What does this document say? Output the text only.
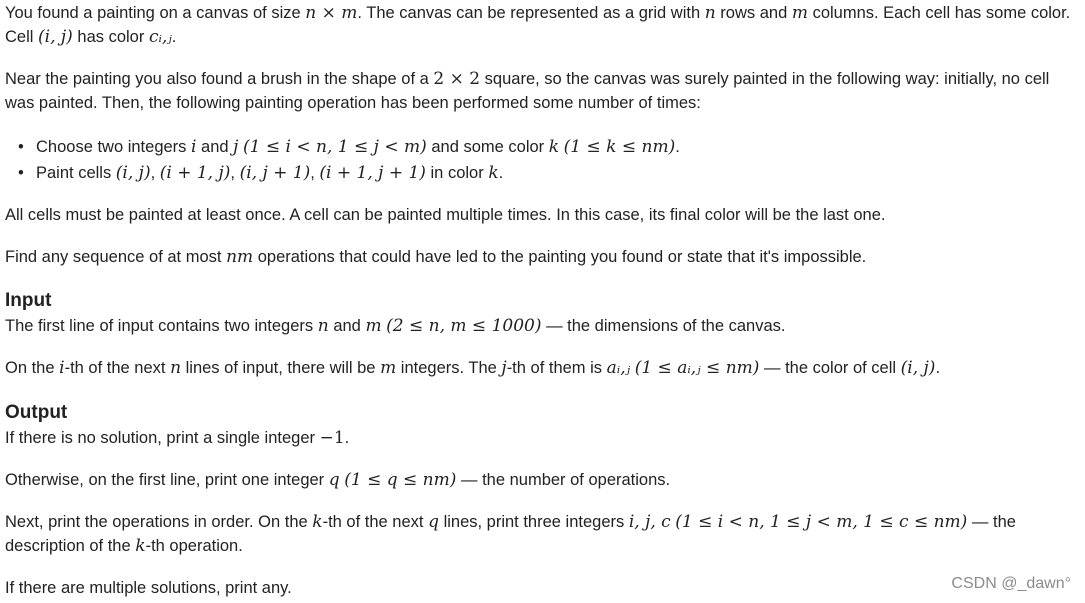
You found a painting on a canvas of size n × m. The canvas can be represented as a grid with n rows and m columns. Each cell has some color. Cell (i, j) has color cᵢ,ⱼ.

Near the painting you also found a brush in the shape of a 2 × 2 square, so the canvas was surely painted in the following way: initially, no cell was painted. Then, the following painting operation has been performed some number of times:

• Choose two integers i and j (1 ≤ i < n, 1 ≤ j < m) and some color k (1 ≤ k ≤ nm).
• Paint cells (i, j), (i + 1, j), (i, j + 1), (i + 1, j + 1) in color k.

All cells must be painted at least once. A cell can be painted multiple times. In this case, its final color will be the last one.

Find any sequence of at most nm operations that could have led to the painting you found or state that it's impossible.

Input

The first line of input contains two integers n and m (2 ≤ n, m ≤ 1000) — the dimensions of the canvas.

On the i-th of the next n lines of input, there will be m integers. The j-th of them is aᵢ,ⱼ (1 ≤ aᵢ,ⱼ ≤ nm) — the color of cell (i, j).

Output

If there is no solution, print a single integer −1.

Otherwise, on the first line, print one integer q (1 ≤ q ≤ nm) — the number of operations.

Next, print the operations in order. On the k-th of the next q lines, print three integers i, j, c (1 ≤ i < n, 1 ≤ j < m, 1 ≤ c ≤ nm) — the description of the k-th operation.

If there are multiple solutions, print any.	CSDN @_dawn°
